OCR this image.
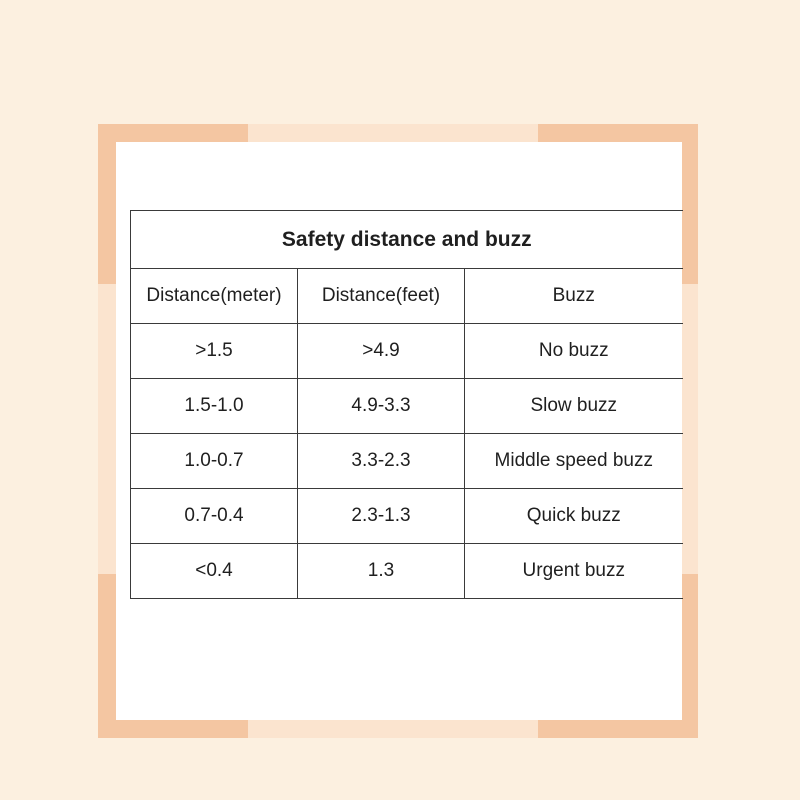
Safety distance and buzz		
Distance(meter)	Distance(feet)	Buzz
>1.5	>4.9	No buzz
1.5-1.0	4.9-3.3	Slow buzz
1.0-0.7	3.3-2.3	Middle speed buzz
0.7-0.4	2.3-1.3	Quick buzz
<0.4	1.3	Urgent buzz
